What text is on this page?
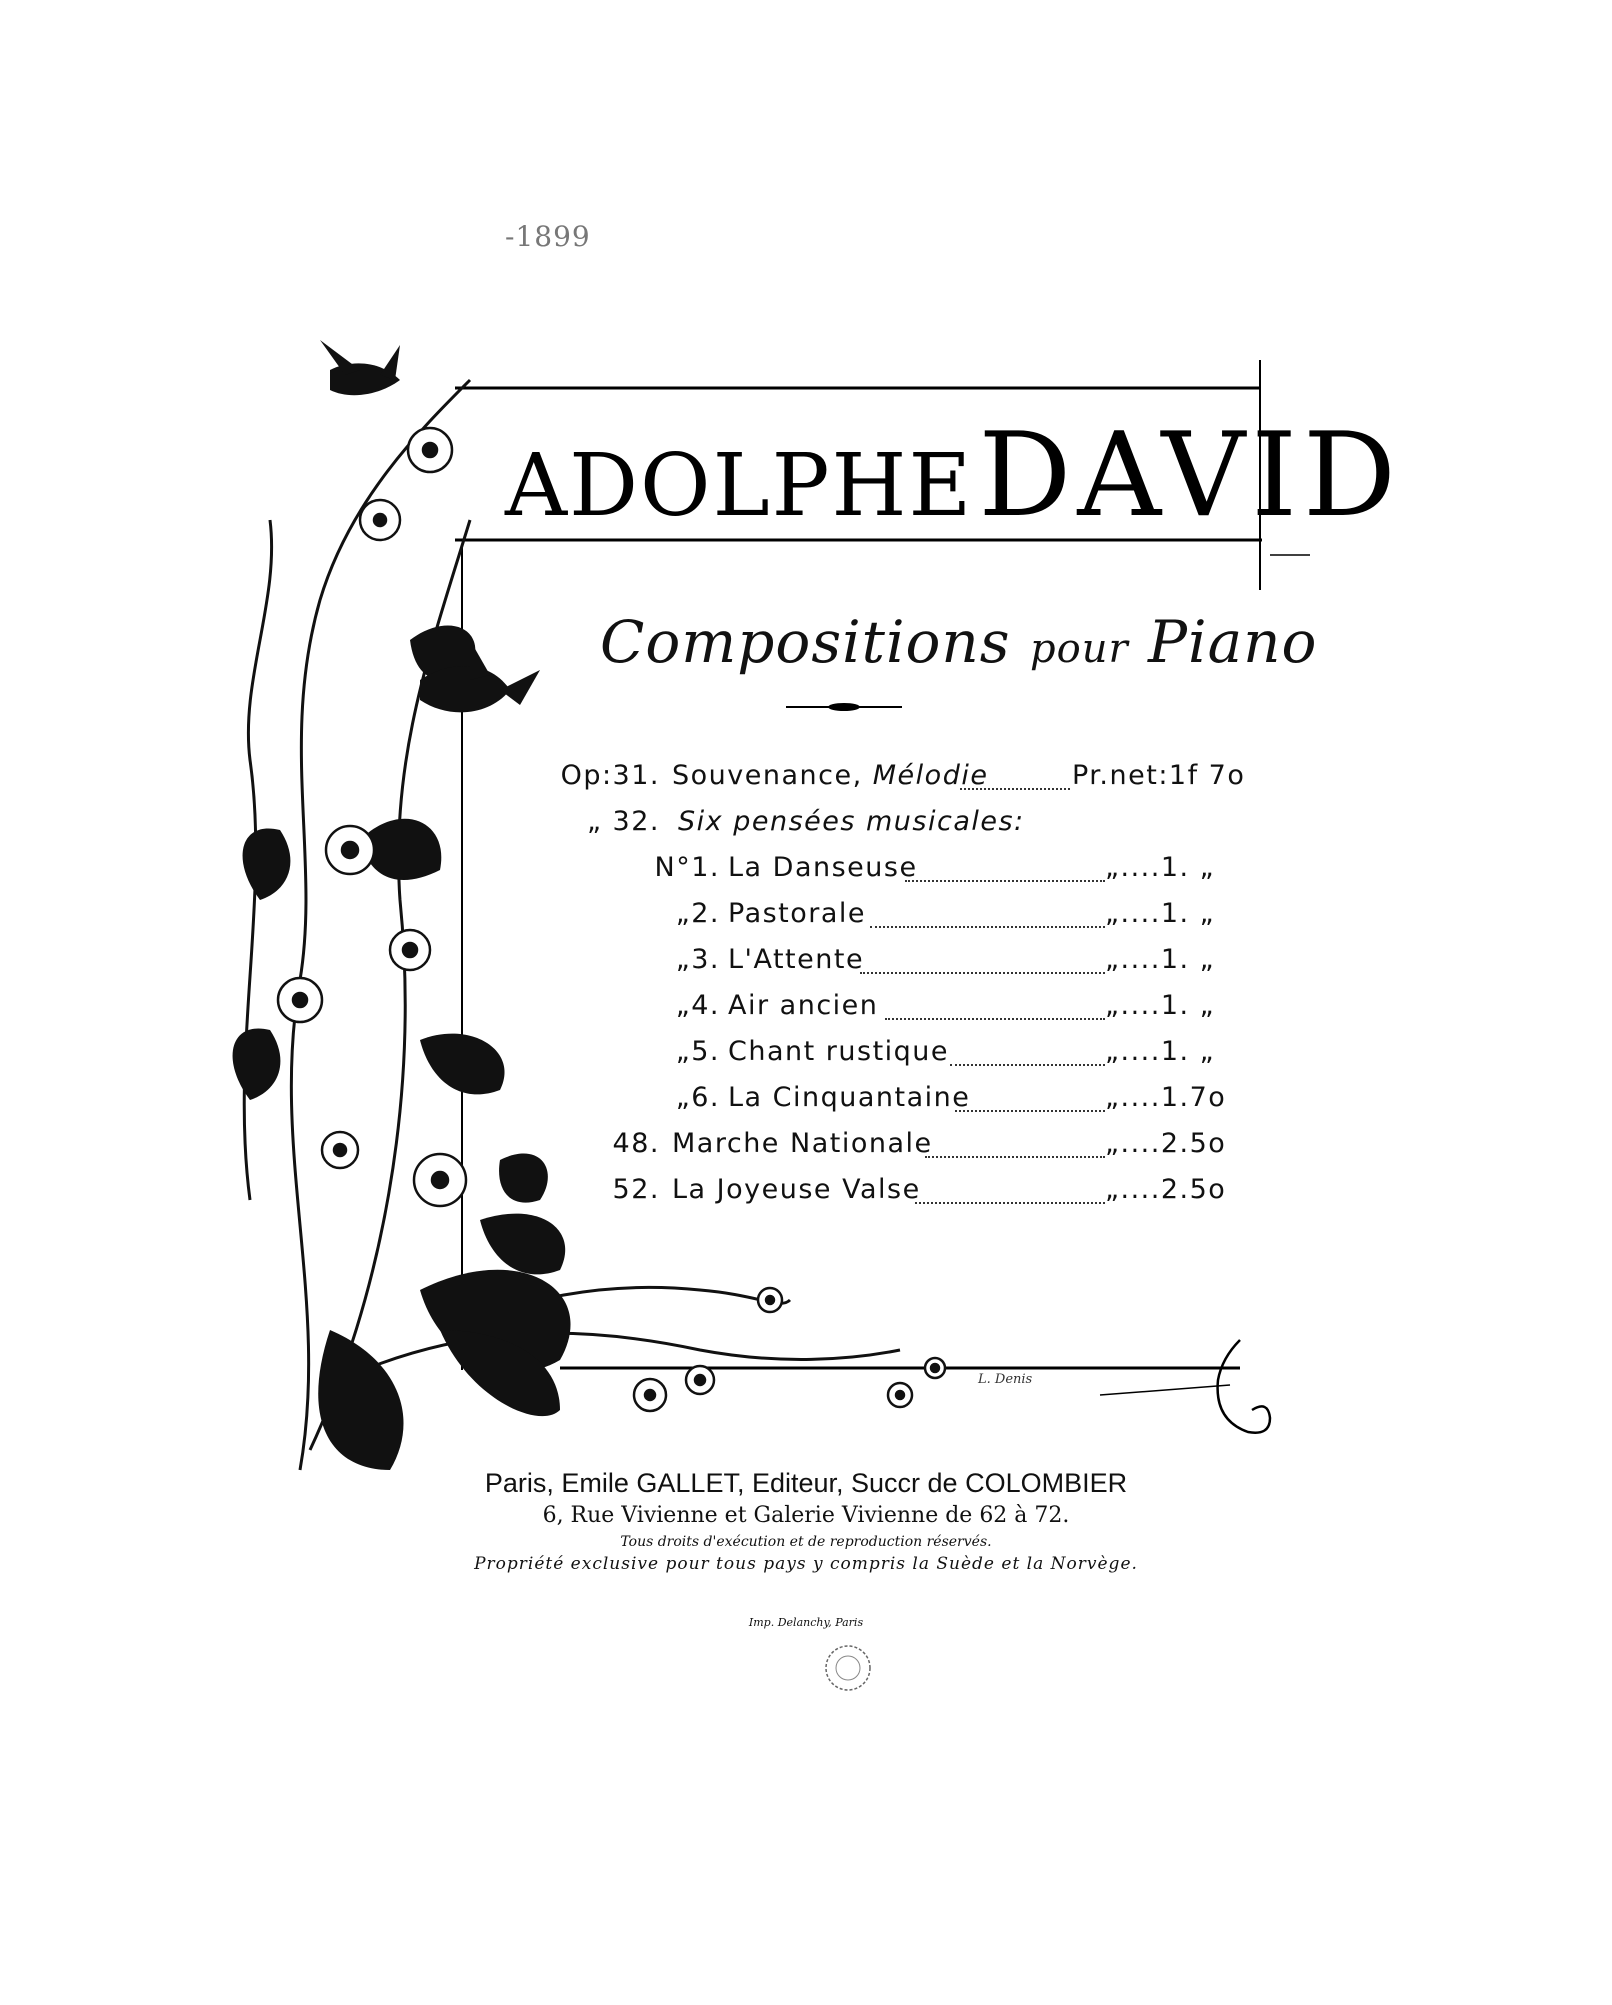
-1899
ADOLPHE DAVID
Compositions pour Piano
Op:31. Souvenance, Mélodie	Pr.net:1f 7o
„ 32. Six pensées musicales:
N°1. La Danseuse	„....1. „
„2. Pastorale	„....1. „
„3. L'Attente	„....1. „
„4. Air ancien	„....1. „
„5. Chant rustique	„....1. „
„6. La Cinquantaine	„....1.7o
48. Marche Nationale	„....2.5o
52. La Joyeuse Valse	„....2.5o
L. Denis
Paris, Emile GALLET, Editeur, Succr de COLOMBIER
6, Rue Vivienne et Galerie Vivienne de 62 à 72.
Tous droits d'exécution et de reproduction réservés.
Propriété exclusive pour tous pays y compris la Suède et la Norvège.
Imp. Delanchy, Paris
